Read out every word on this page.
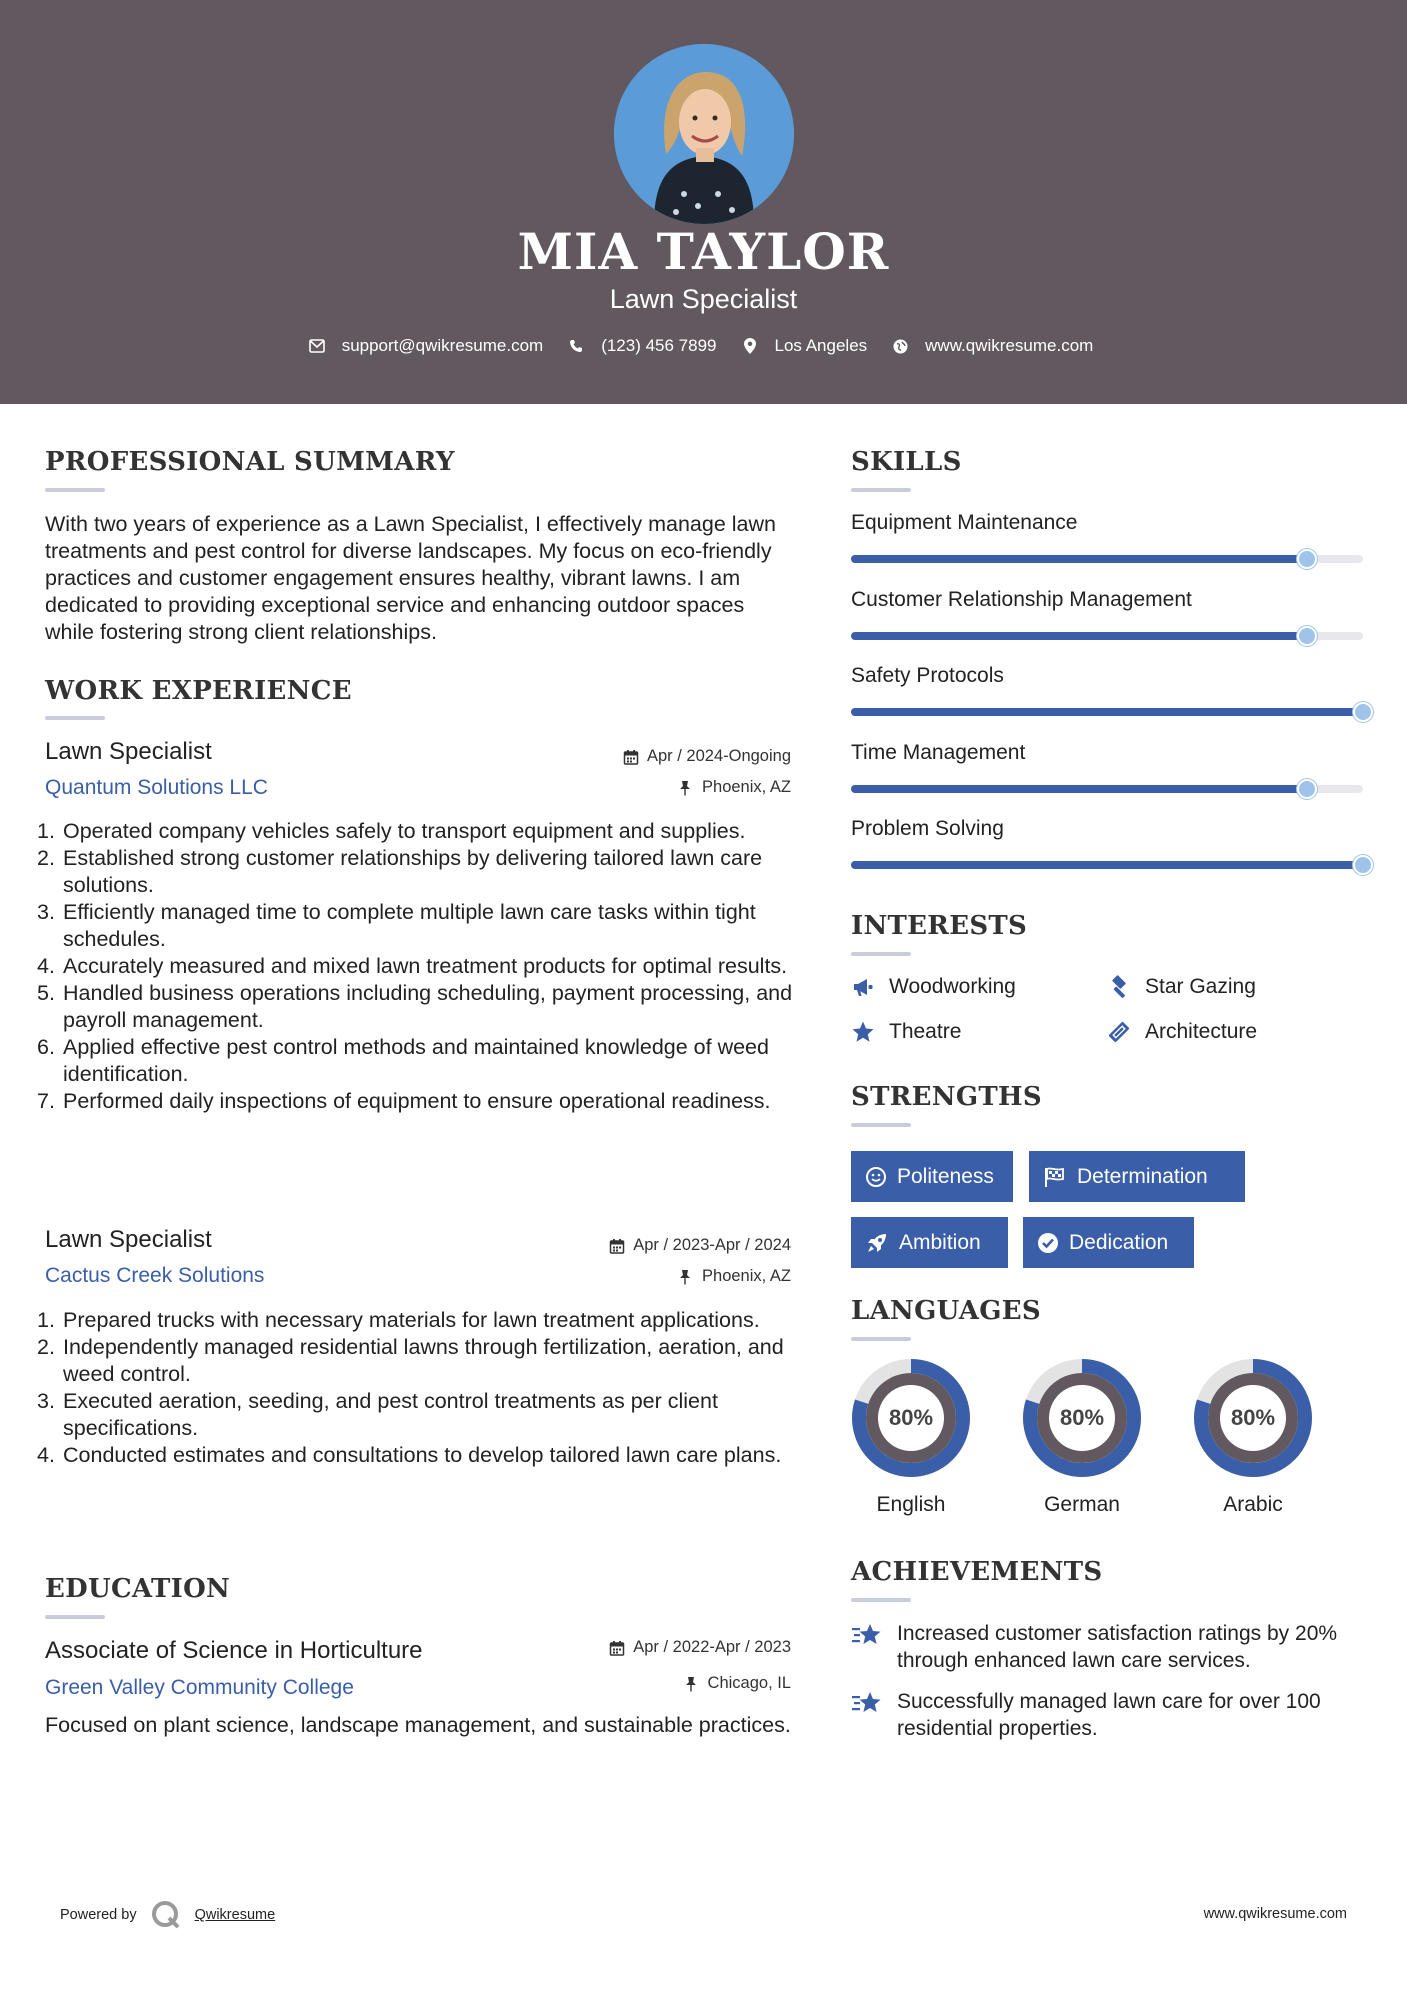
MIA TAYLOR
Lawn Specialist
support@qwikresume.com	(123) 456 7899	Los Angeles	www.qwikresume.com
PROFESSIONAL SUMMARY
With two years of experience as a Lawn Specialist, I effectively manage lawn treatments and pest control for diverse landscapes. My focus on eco-friendly practices and customer engagement ensures healthy, vibrant lawns. I am dedicated to providing exceptional service and enhancing outdoor spaces while fostering strong client relationships.
WORK EXPERIENCE
Lawn Specialist
Quantum Solutions LLC
Apr / 2024-Ongoing
Phoenix, AZ
1. Operated company vehicles safely to transport equipment and supplies.
2. Established strong customer relationships by delivering tailored lawn care solutions.
3. Efficiently managed time to complete multiple lawn care tasks within tight schedules.
4. Accurately measured and mixed lawn treatment products for optimal results.
5. Handled business operations including scheduling, payment processing, and payroll management.
6. Applied effective pest control methods and maintained knowledge of weed identification.
7. Performed daily inspections of equipment to ensure operational readiness.
Lawn Specialist
Cactus Creek Solutions
Apr / 2023-Apr / 2024
Phoenix, AZ
1. Prepared trucks with necessary materials for lawn treatment applications.
2. Independently managed residential lawns through fertilization, aeration, and weed control.
3. Executed aeration, seeding, and pest control treatments as per client specifications.
4. Conducted estimates and consultations to develop tailored lawn care plans.
EDUCATION
Associate of Science in Horticulture
Green Valley Community College
Apr / 2022-Apr / 2023
Chicago, IL
Focused on plant science, landscape management, and sustainable practices.
SKILLS
Equipment Maintenance
Customer Relationship Management
Safety Protocols
Time Management
Problem Solving
INTERESTS
Woodworking	Star Gazing
Theatre	Architecture
STRENGTHS
Politeness	Determination
Ambition	Dedication
LANGUAGES
80%
English
80%
German
80%
Arabic
ACHIEVEMENTS
Increased customer satisfaction ratings by 20% through enhanced lawn care services.
Successfully managed lawn care for over 100 residential properties.
Powered by	Qwikresume	www.qwikresume.com
